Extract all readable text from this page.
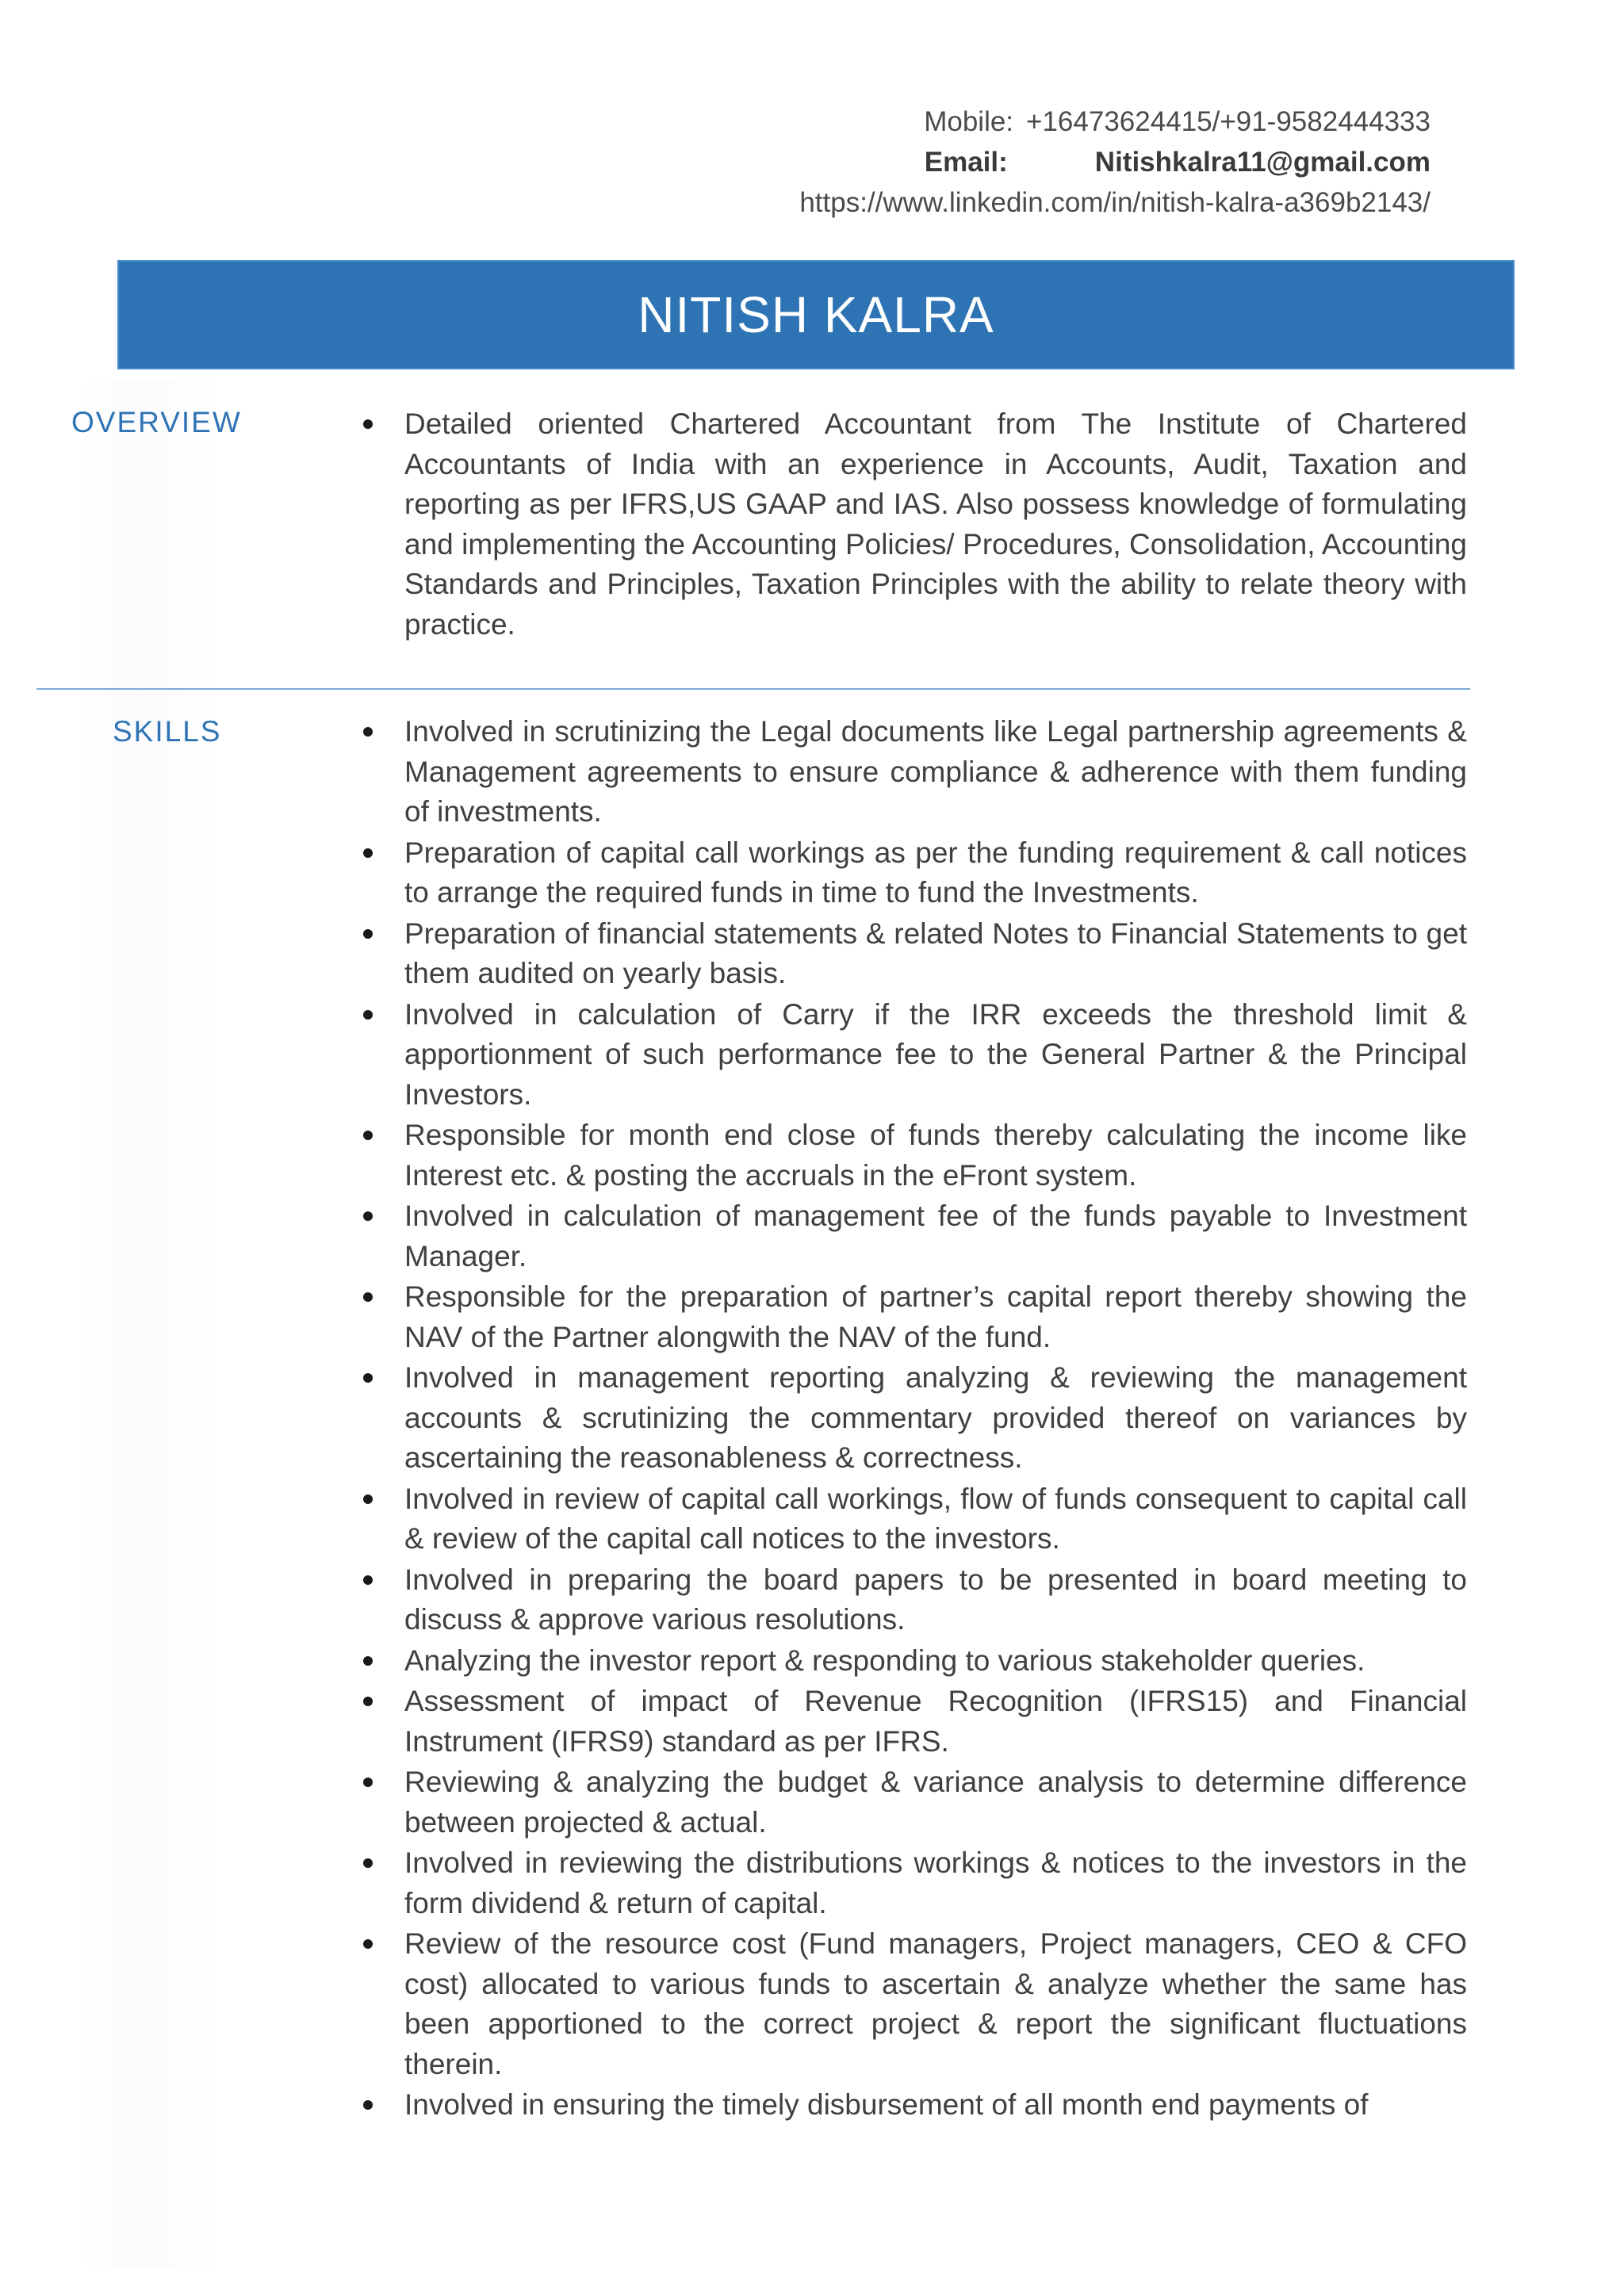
Mobile: +16473624415/+91-9582444333
Email:	Nitishkalra11@gmail.com
https://www.linkedin.com/in/nitish-kalra-a369b2143/
NITISH KALRA
OVERVIEW	Detailed oriented Chartered Accountant from The Institute of Chartered Accountants of India with an experience in Accounts, Audit, Taxation and reporting as per IFRS,US GAAP and IAS. Also possess knowledge of formulating and implementing the Accounting Policies/ Procedures, Consolidation, Accounting Standards and Principles, Taxation Principles with the ability to relate theory with practice.
SKILLS	Involved in scrutinizing the Legal documents like Legal partnership agreements & Management agreements to ensure compliance & adherence with them funding of investments.
Preparation of capital call workings as per the funding requirement & call notices to arrange the required funds in time to fund the Investments.
Preparation of financial statements & related Notes to Financial Statements to get them audited on yearly basis.
Involved in calculation of Carry if the IRR exceeds the threshold limit & apportionment of such performance fee to the General Partner & the Principal Investors.
Responsible for month end close of funds thereby calculating the income like Interest etc. & posting the accruals in the eFront system.
Involved in calculation of management fee of the funds payable to Investment Manager.
Responsible for the preparation of partner’s capital report thereby showing the NAV of the Partner alongwith the NAV of the fund.
Involved in management reporting analyzing & reviewing the management accounts & scrutinizing the commentary provided thereof on variances by ascertaining the reasonableness & correctness.
Involved in review of capital call workings, flow of funds consequent to capital call & review of the capital call notices to the investors.
Involved in preparing the board papers to be presented in board meeting to discuss & approve various resolutions.
Analyzing the investor report & responding to various stakeholder queries.
Assessment of impact of Revenue Recognition (IFRS15) and Financial Instrument (IFRS9) standard as per IFRS.
Reviewing & analyzing the budget & variance analysis to determine difference between projected & actual.
Involved in reviewing the distributions workings & notices to the investors in the form dividend & return of capital.
Review of the resource cost (Fund managers, Project managers, CEO & CFO cost) allocated to various funds to ascertain & analyze whether the same has been apportioned to the correct project & report the significant fluctuations therein.
Involved in ensuring the timely disbursement of all month end payments of
